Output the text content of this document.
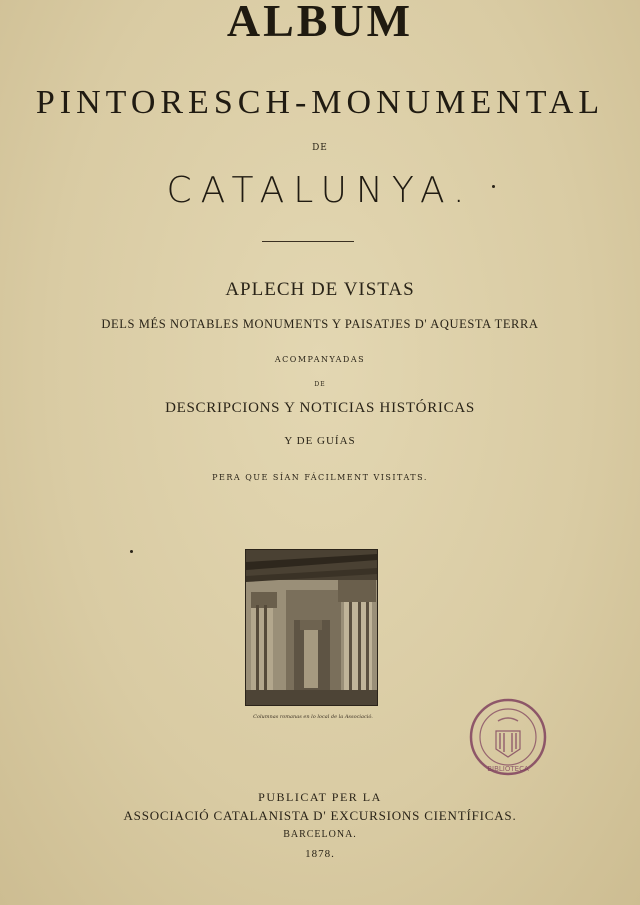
ALBUM
PINTORESCH-MONUMENTAL
DE
CATALUNYA.
APLECH DE VISTAS
DELS MÉS NOTABLES MONUMENTS Y PAISATJES D' AQUESTA TERRA
ACOMPANYADAS
DE
DESCRIPCIONS Y NOTICIAS HISTÓRICAS
Y DE GUÍAS
PERA QUE SÍAN FÁCILMENT VISITATS.
Columnas romanas en lo local de la Associació.
BIBLIOTECA
PUBLICAT PER LA
ASSOCIACIÓ CATALANISTA D' EXCURSIONS CIENTÍFICAS.
BARCELONA.
1878.
